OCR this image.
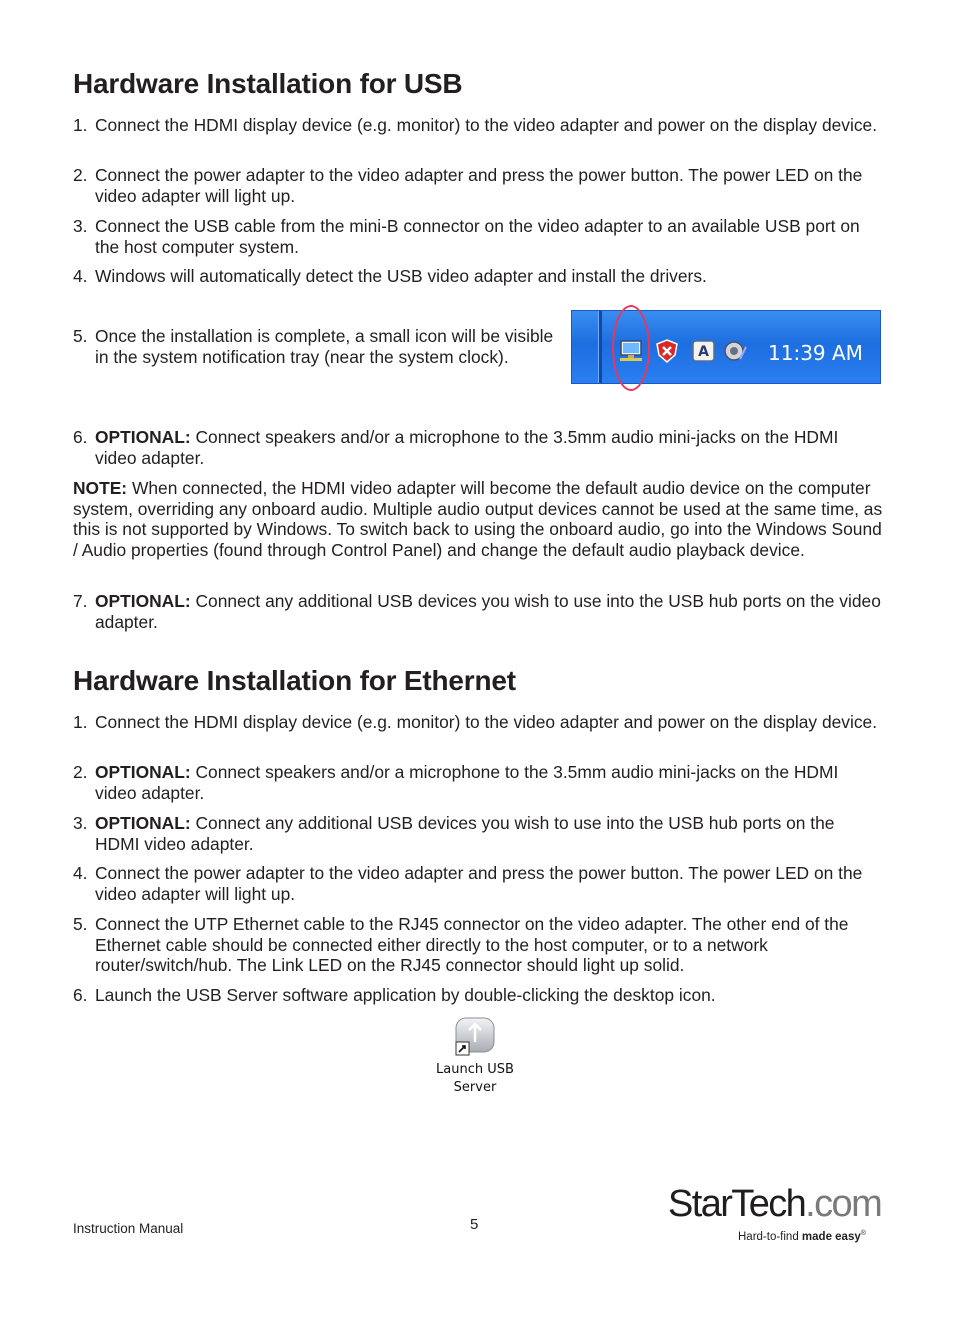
Hardware Installation for USB
1. Connect the HDMI display device (e.g. monitor) to the video adapter and power on the display device.
2. Connect the power adapter to the video adapter and press the power button. The power LED on the video adapter will light up.
3. Connect the USB cable from the mini-B connector on the video adapter to an available USB port on the host computer system.
4. Windows will automatically detect the USB video adapter and install the drivers.
5. Once the installation is complete, a small icon will be visible in the system notification tray (near the system clock).	A	11:39 AM
6. OPTIONAL: Connect speakers and/or a microphone to the 3.5mm audio mini-jacks on the HDMI video adapter.
NOTE: When connected, the HDMI video adapter will become the default audio device on the computer system, overriding any onboard audio. Multiple audio output devices cannot be used at the same time, as this is not supported by Windows. To switch back to using the onboard audio, go into the Windows Sound / Audio properties (found through Control Panel) and change the default audio playback device.
7. OPTIONAL: Connect any additional USB devices you wish to use into the USB hub ports on the video adapter.
Hardware Installation for Ethernet
1. Connect the HDMI display device (e.g. monitor) to the video adapter and power on the display device.
2. OPTIONAL: Connect speakers and/or a microphone to the 3.5mm audio mini-jacks on the HDMI video adapter.
3. OPTIONAL: Connect any additional USB devices you wish to use into the USB hub ports on the HDMI video adapter.
4. Connect the power adapter to the video adapter and press the power button. The power LED on the video adapter will light up.
5. Connect the UTP Ethernet cable to the RJ45 connector on the video adapter. The other end of the Ethernet cable should be connected either directly to the host computer, or to a network router/switch/hub. The Link LED on the RJ45 connector should light up solid.
6. Launch the USB Server software application by double-clicking the desktop icon.
Launch USB
Server
Instruction Manual	5	StarTech.com
Hard-to-find made easy®
